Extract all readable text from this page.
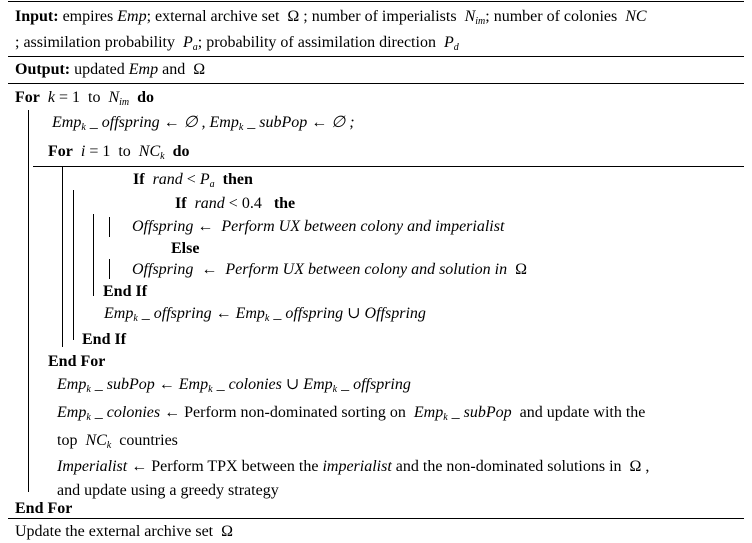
Input: empires Emp; external archive set  Ω ; number of imperialists  $N_{im}$; number of colonies  NC
; assimilation probability  $P_a$; probability of assimilation direction  $P_d$
Output: updated Emp and  Ω
For k = 1  to  $N_{im}$ do
Emp$_k$ _ offspring ← ∅ , Emp$_k$ _ subPop ← ∅ ;
For i = 1  to  $NC_k$ do
If rand < $P_a$ then
If rand < 0.4   the
Offspring ←  Perform UX between colony and imperialist
Else
Offspring  ←  Perform UX between colony and solution in  Ω
End If
Emp$_k$ _ offspring ← Emp$_k$ _ offspring ∪ Offspring
End If
End For
Emp$_k$ _ subPop ← Emp$_k$ _ colonies ∪ Emp$_k$ _ offspring
Emp$_k$ _ colonies ← Perform non-dominated sorting on  Emp$_k$ _ subPop  and update with the
top  $NC_k$  countries
Imperialist ← Perform TPX between the imperialist and the non-dominated solutions in  Ω ,
and update using a greedy strategy
End For
Update the external archive set  Ω
